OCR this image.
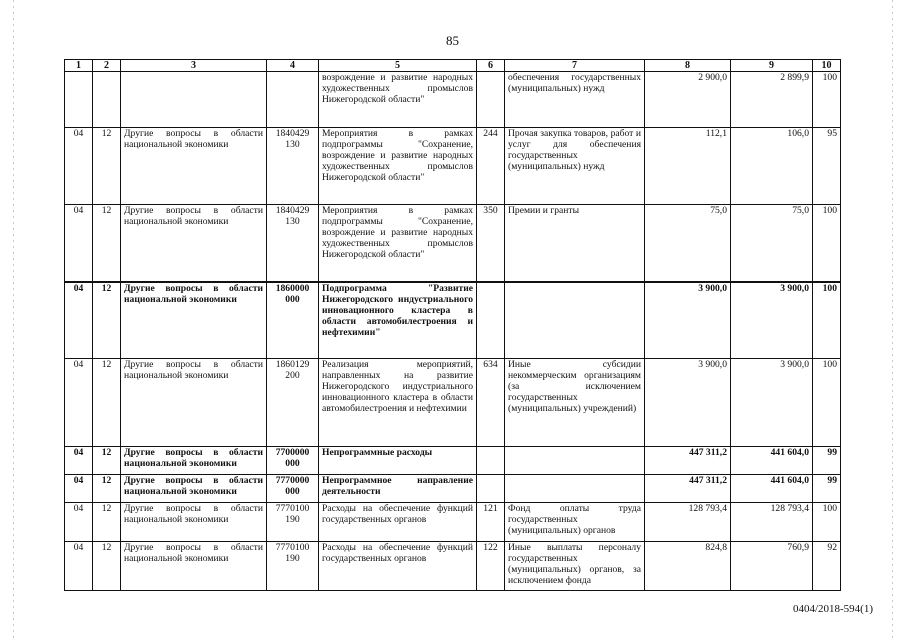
85
1	2	3	4	5	6	7	8	9	10
				возрождение и развитие народных художественных промыслов Нижегородской области"		обеспечения государственных (муниципальных) нужд	2 900,0	2 899,9	100
04	12	Другие вопросы в области национальной экономики	1840429 130	Мероприятия в рамках подпрограммы "Сохранение, возрождение и развитие народных художественных промыслов Нижегородской области"	244	Прочая закупка товаров, работ и услуг для обеспечения государственных (муниципальных) нужд	112,1	106,0	95
04	12	Другие вопросы в области национальной экономики	1840429 130	Мероприятия в рамках подпрограммы "Сохранение, возрождение и развитие народных художественных промыслов Нижегородской области"	350	Премии и гранты	75,0	75,0	100
04	12	Другие вопросы в области национальной экономики	1860000 000	Подпрограмма "Развитие Нижегородского индустриального инновационного кластера в области автомобилестроения и нефтехимии"			3 900,0	3 900,0	100
04	12	Другие вопросы в области национальной экономики	1860129 200	Реализация мероприятий, направленных на развитие Нижегородского индустриального инновационного кластера в области автомобилестроения и нефтехимии	634	Иные субсидии некоммерческим организациям (за исключением государственных (муниципальных) учреждений)	3 900,0	3 900,0	100
04	12	Другие вопросы в области национальной экономики	7700000 000	Непрограммные расходы			447 311,2	441 604,0	99
04	12	Другие вопросы в области национальной экономики	7770000 000	Непрограммное направление деятельности			447 311,2	441 604,0	99
04	12	Другие вопросы в области национальной экономики	7770100 190	Расходы на обеспечение функций государственных органов	121	Фонд оплаты труда государственных (муниципальных) органов	128 793,4	128 793,4	100
04	12	Другие вопросы в области национальной экономики	7770100 190	Расходы на обеспечение функций государственных органов	122	Иные выплаты персоналу государственных (муниципальных) органов, за исключением фонда	824,8	760,9	92
0404/2018-594(1)
